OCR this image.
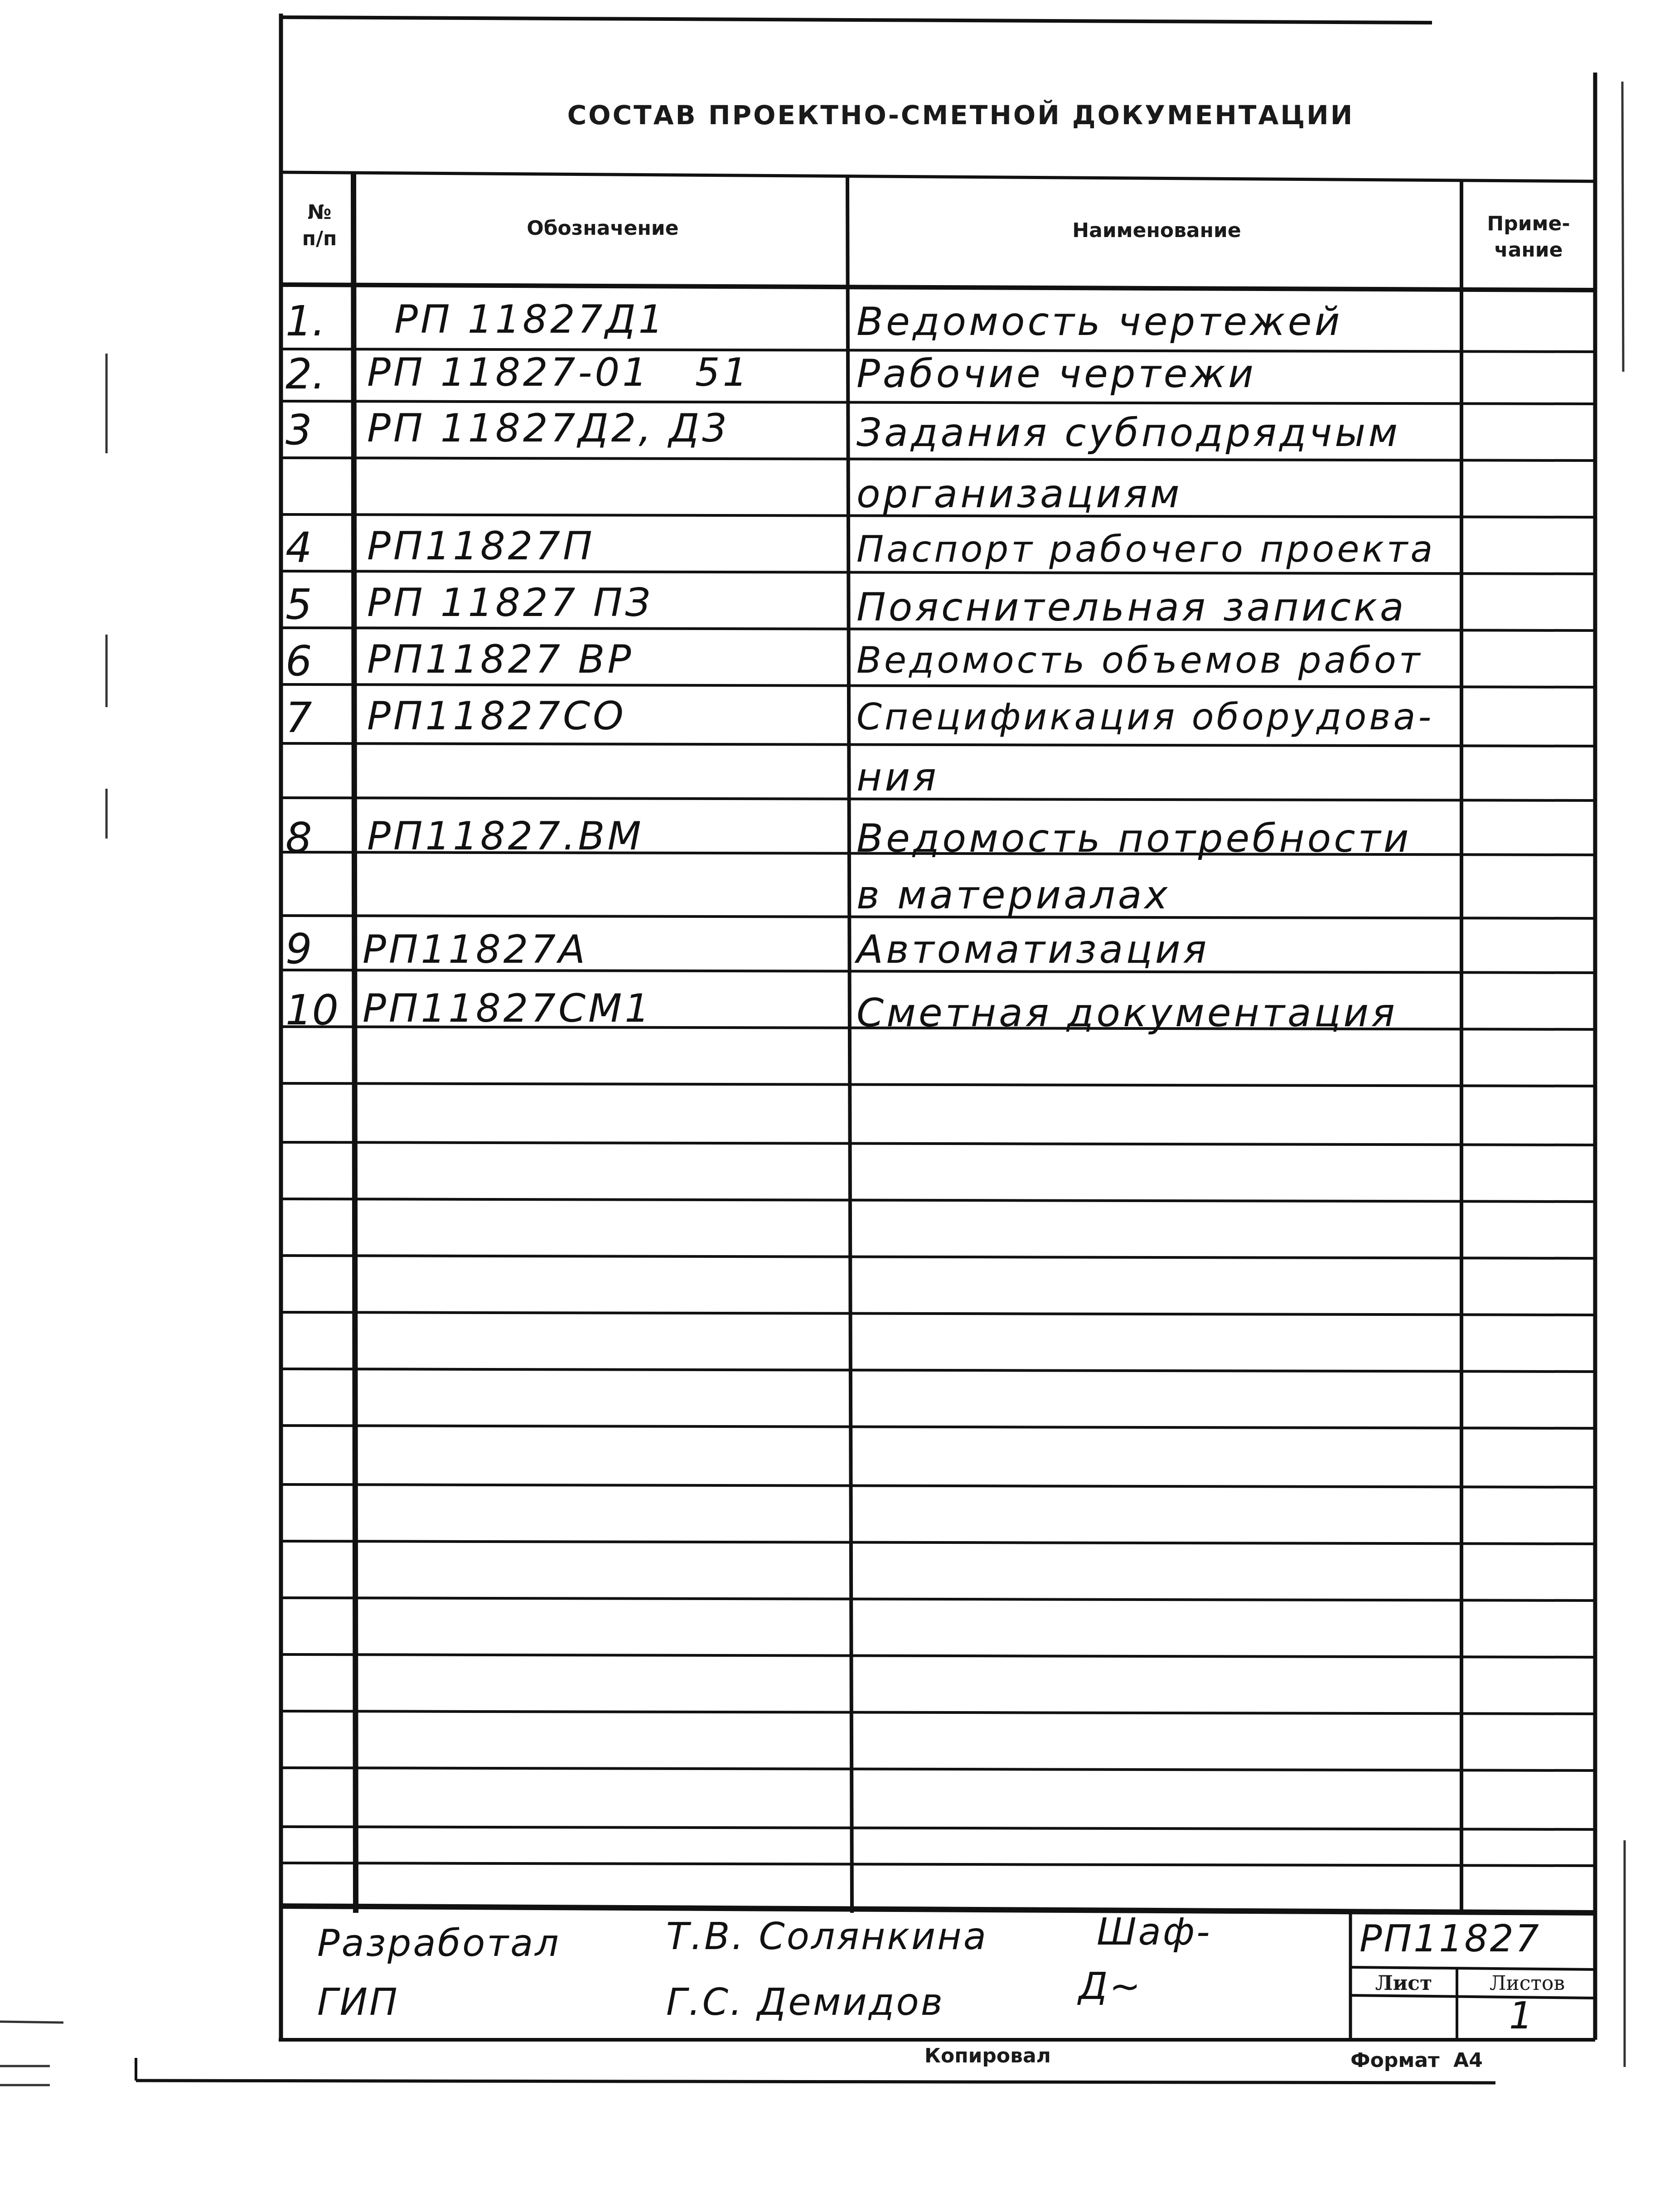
СОСТАВ ПРОЕКТНО-СМЕТНОЙ ДОКУМЕНТАЦИИ
№
п/п	Обозначение	Наименование	Приме-
чание
1. РП 11827Д1	Ведомость чертежей
2. РП 11827-01   51	Рабочие чертежи
3 РП 11827Д2, Д3	Задания субподрядчым
организациям
4 РП11827П	Паспорт рабочего проекта
5 РП 11827 ПЗ	Пояснительная записка
6 РП11827 ВР	Ведомость объемов работ
7 РП11827СО	Спецификация оборудова-
ния
8 РП11827.ВМ	Ведомость потребности
в материалах
9 РП11827А	Автоматизация
10 РП11827СМ1	Сметная документация
Разработал	Т.В. Солянкина	Шаф-
ГИП	Г.С. Демидов	Д~
РП11827
Лист	Листов
1
Копировал	Формат  А4
